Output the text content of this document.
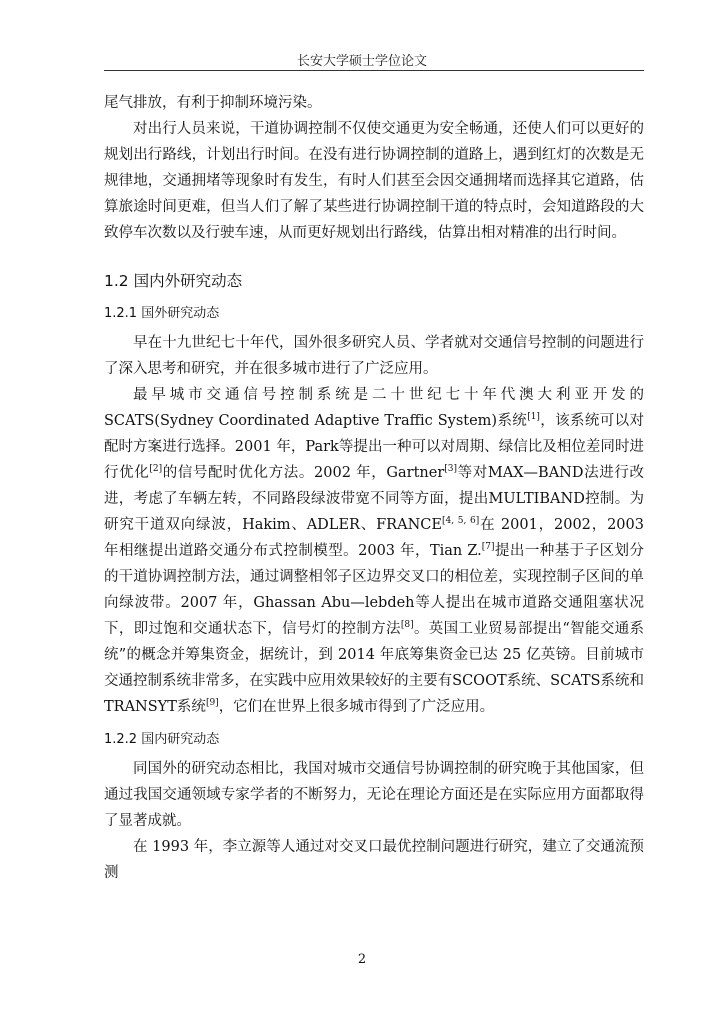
长安大学硕士学位论文

尾气排放，有利于抑制环境污染。

对出行人员来说，干道协调控制不仅使交通更为安全畅通，还使人们可以更好的规划出行路线，计划出行时间。在没有进行协调控制的道路上，遇到红灯的次数是无规律地，交通拥堵等现象时有发生，有时人们甚至会因交通拥堵而选择其它道路，估算旅途时间更难，但当人们了解了某些进行协调控制干道的特点时，会知道路段的大致停车次数以及行驶车速，从而更好规划出行路线，估算出相对精准的出行时间。

1.2 国内外研究动态
1.2.1 国外研究动态

早在十九世纪七十年代，国外很多研究人员、学者就对交通信号控制的问题进行了深入思考和研究，并在很多城市进行了广泛应用。

最早城市交通信号控制系统是二十世纪七十年代澳大利亚开发的SCATS(Sydney Coordinated Adaptive Traffic System)系统[1]，该系统可以对配时方案进行选择。2001 年，Park等提出一种可以对周期、绿信比及相位差同时进行优化[2]的信号配时优化方法。2002 年，Gartner[3]等对MAX—BAND法进行改进，考虑了车辆左转，不同路段绿波带宽不同等方面，提出MULTIBAND控制。为研究干道双向绿波，Hakim、ADLER、FRANCE[4, 5, 6]在 2001，2002，2003 年相继提出道路交通分布式控制模型。2003 年，Tian Z.[7]提出一种基于子区划分的干道协调控制方法，通过调整相邻子区边界交叉口的相位差，实现控制子区间的单向绿波带。2007 年，Ghassan Abu—lebdeh等人提出在城市道路交通阻塞状况下，即过饱和交通状态下，信号灯的控制方法[8]。英国工业贸易部提出“智能交通系统”的概念并筹集资金，据统计，到 2014 年底筹集资金已达 25 亿英镑。目前城市交通控制系统非常多，在实践中应用效果较好的主要有SCOOT系统、SCATS系统和TRANSYT系统[9]，它们在世界上很多城市得到了广泛应用。

1.2.2 国内研究动态

同国外的研究动态相比，我国对城市交通信号协调控制的研究晚于其他国家，但通过我国交通领域专家学者的不断努力，无论在理论方面还是在实际应用方面都取得了显著成就。

在 1993 年，李立源等人通过对交叉口最优控制问题进行研究，建立了交通流预测

2
